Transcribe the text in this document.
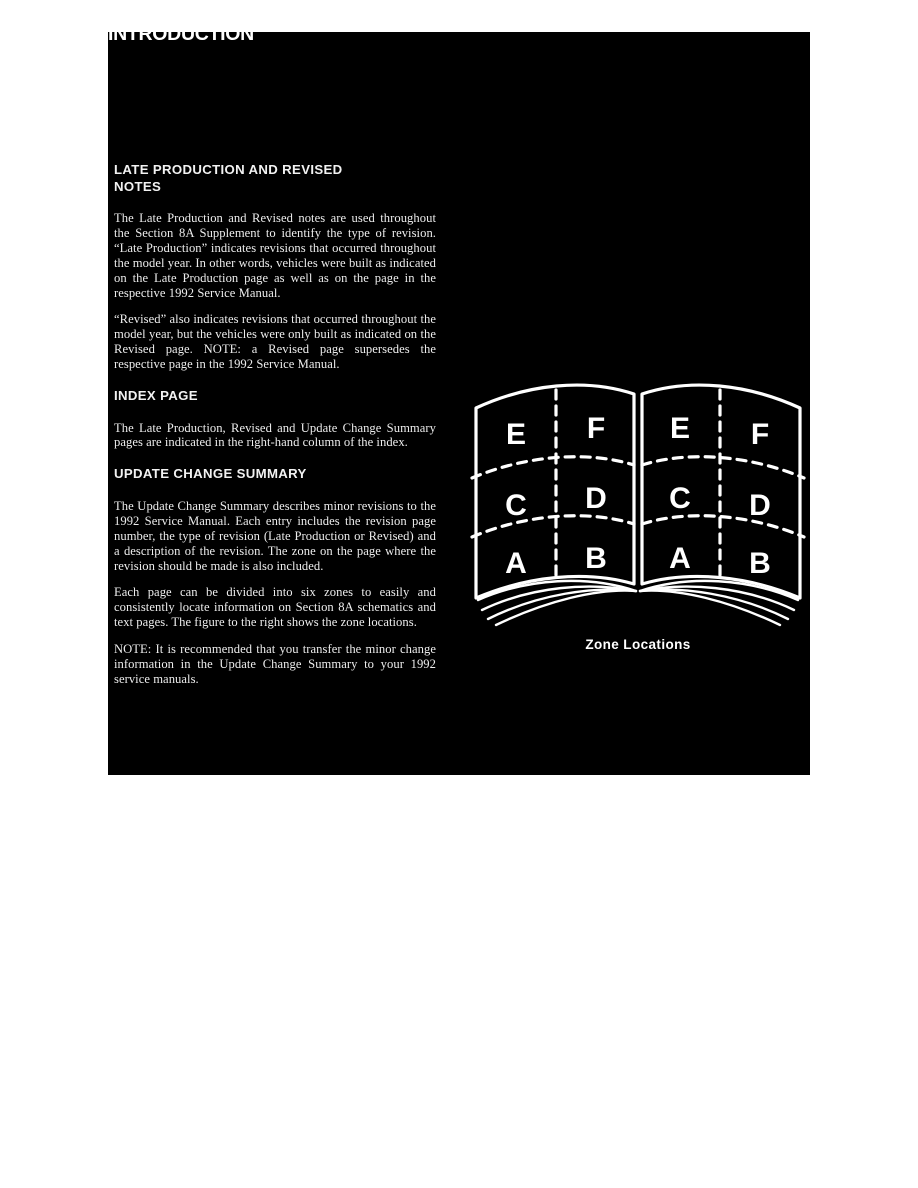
LATE PRODUCTION AND REVISED
NOTES

The Late Production and Revised notes are used throughout the Section 8A Supplement to identify the type of revision. “Late Production” indicates revisions that occurred throughout the model year. In other words, vehicles were built as indicated on the Late Production page as well as on the page in the respective 1992 Service Manual.

“Revised” also indicates revisions that occurred throughout the model year, but the vehicles were only built as indicated on the Revised page. NOTE: a Revised page supersedes the respective page in the 1992 Service Manual.

INDEX PAGE

The Late Production, Revised and Update Change Summary pages are indicated in the right-hand column of the index.

UPDATE CHANGE SUMMARY

The Update Change Summary describes minor revisions to the 1992 Service Manual. Each entry includes the revision page number, the type of revision (Late Production or Revised) and a description of the revision. The zone on the page where the revision should be made is also included.

Each page can be divided into six zones to easily and consistently locate information on Section 8A schematics and text pages. The figure to the right shows the zone locations.

NOTE: It is recommended that you transfer the minor change information in the Update Change Summary to your 1992 service manuals.

E F
C D
A B
E F
C D
A B
Zone Locations
INTRODUCTION
